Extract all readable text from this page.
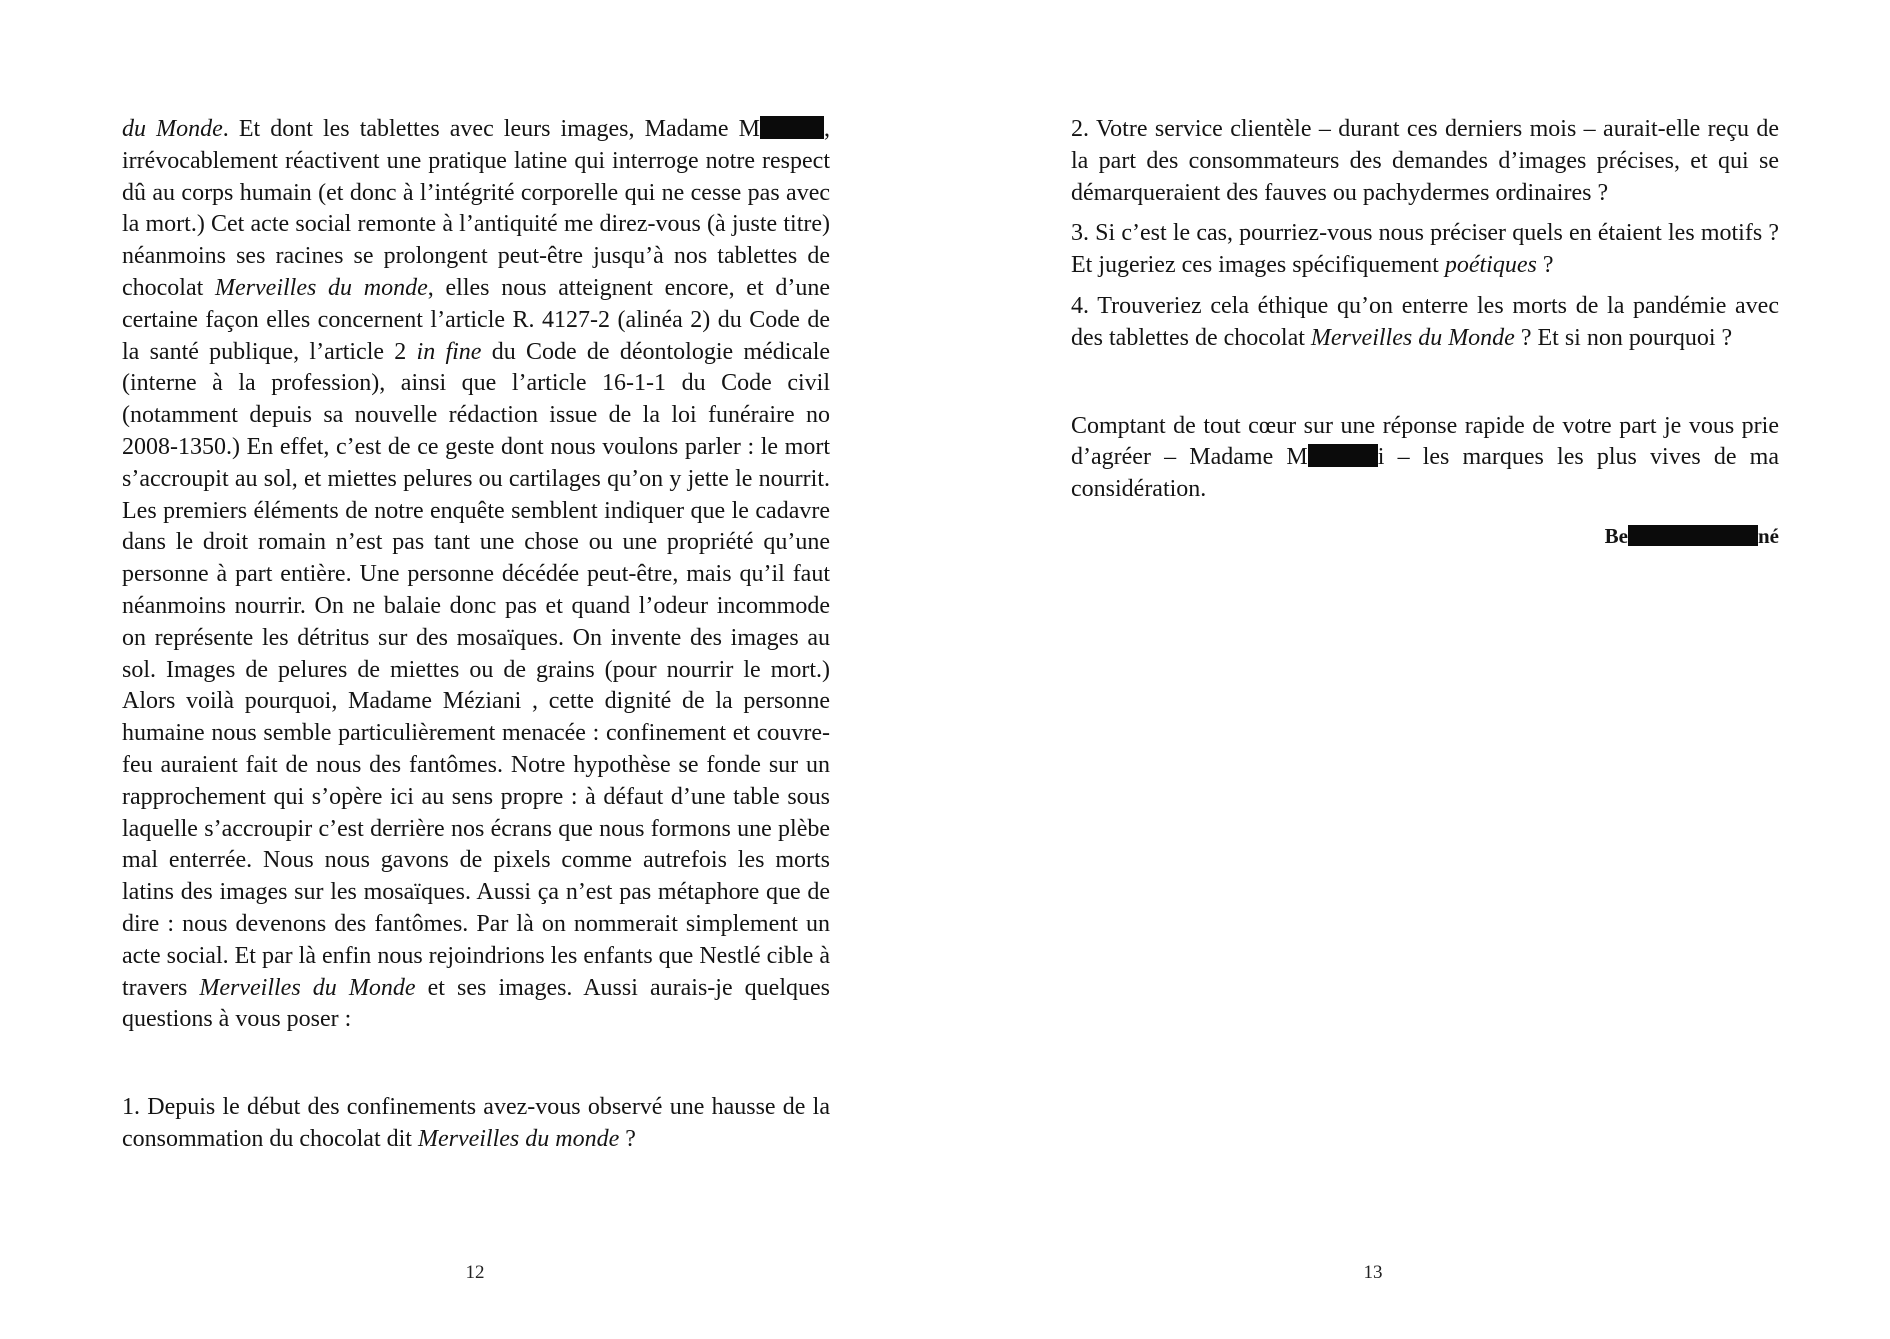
du Monde. Et dont les tablettes avec leurs images, Madame M	, irrévocablement réactivent une pratique latine qui interroge notre respect dû au corps humain (et donc à l’intégrité corporelle qui ne cesse pas avec la mort.) Cet acte social remonte à l’antiquité me direz-vous (à juste titre) néanmoins ses racines se prolongent peut-être jusqu’à nos tablettes de chocolat Merveilles du monde, elles nous atteignent encore, et d’une certaine façon elles concernent l’article R. 4127-2 (alinéa 2) du Code de la santé publique, l’article 2 in fine du Code de déontologie médicale (interne à la profession), ainsi que l’article 16-1-1 du Code civil (notamment depuis sa nouvelle rédaction issue de la loi funéraire no 2008-1350.) En effet, c’est de ce geste dont nous voulons parler : le mort s’accroupit au sol, et miettes pelures ou cartilages qu’on y jette le nourrit. Les premiers éléments de notre enquête semblent indiquer que le cadavre dans le droit romain n’est pas tant une chose ou une propriété qu’une personne à part entière. Une personne décédée peut-être, mais qu’il faut néanmoins nourrir. On ne balaie donc pas et quand l’odeur incommode on représente les détritus sur des mosaïques. On invente des images au sol. Images de pelures de miettes ou de grains (pour nourrir le mort.) Alors voilà pourquoi, Madame Méziani , cette dignité de la personne humaine nous semble particulièrement menacée : confinement et couvre-feu auraient fait de nous des fantômes. Notre hypothèse se fonde sur un rapprochement qui s’opère ici au sens propre : à défaut d’une table sous laquelle s’accroupir c’est derrière nos écrans que nous formons une plèbe mal enterrée. Nous nous gavons de pixels comme autrefois les morts latins des images sur les mosaïques. Aussi ça n’est pas métaphore que de dire : nous devenons des fantômes. Par là on nommerait simplement un acte social. Et par là enfin nous rejoindrions les enfants que Nestlé cible à travers Merveilles du Monde et ses images. Aussi aurais-je quelques questions à vous poser :

1. Depuis le début des confinements avez-vous observé une hausse de la consommation du chocolat dit Merveilles du monde ?

12

2. Votre service clientèle – durant ces derniers mois – aurait-elle reçu de la part des consommateurs des demandes d’images précises, et qui se démarqueraient des fauves ou pachydermes ordinaires ?

3. Si c’est le cas, pourriez-vous nous préciser quels en étaient les motifs ? Et jugeriez ces images spécifiquement poétiques ?

4. Trouveriez cela éthique qu’on enterre les morts de la pandémie avec des tablettes de chocolat Merveilles du Monde ? Et si non pourquoi ?

Comptant de tout cœur sur une réponse rapide de votre part je vous prie d’agréer – Madame M	i – les marques les plus vives de ma considération.

Be	né
13
